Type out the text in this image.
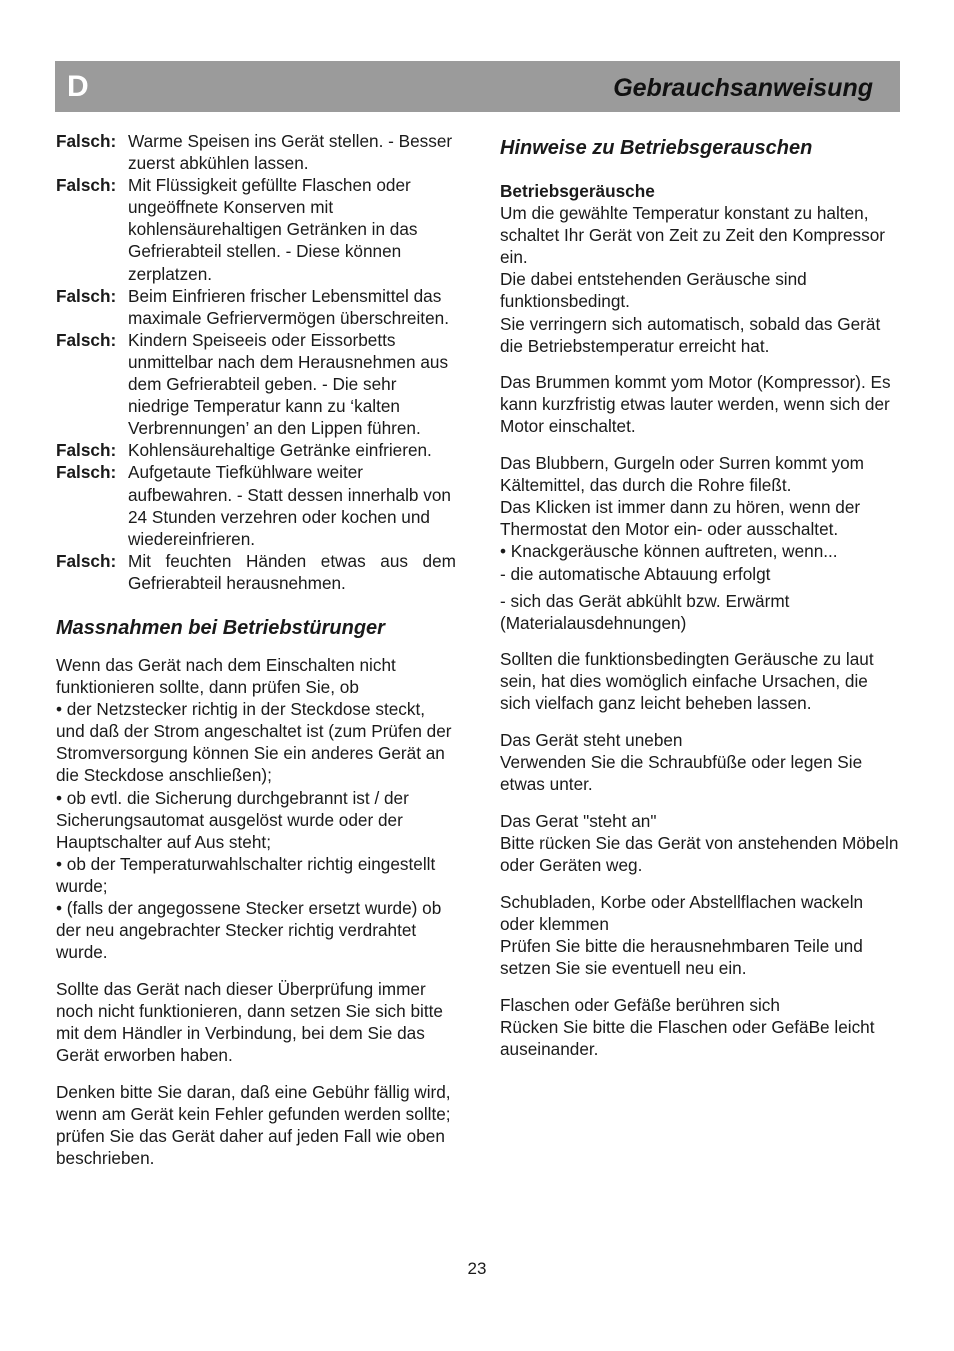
D	Gebrauchsanweisung
Falsch: Warme Speisen ins Gerät stellen. - Besser zuerst abkühlen lassen.
Falsch: Mit Flüssigkeit gefüllte Flaschen oder ungeöffnete Konserven mit kohlensäurehaltigen Getränken in das Gefrierabteil stellen. - Diese können zerplatzen.
Falsch: Beim Einfrieren frischer Lebensmittel das maximale Gefriervermögen überschreiten.
Falsch: Kindern Speiseeis oder Eissorbetts unmittelbar nach dem Herausnehmen aus dem Gefrierabteil geben. - Die sehr niedrige Temperatur kann zu ‘kalten Verbrennungen’ an den Lippen führen.
Falsch: Kohlensäurehaltige Getränke einfrieren.
Falsch: Aufgetaute Tiefkühlware weiter aufbewahren. - Statt dessen innerhalb von 24 Stunden verzehren oder kochen und wiedereinfrieren.
Falsch: Mit feuchten Händen etwas aus dem Gefrierabteil herausnehmen.
Massnahmen bei Betriebstürunger

Wenn das Gerät nach dem Einschalten nicht funktionieren sollte, dann prüfen Sie, ob

• der Netzstecker richtig in der Steckdose steckt, und daß der Strom angeschaltet ist (zum Prüfen der Stromversorgung können Sie ein anderes Gerät an die Steckdose anschließen);

• ob evtl. die Sicherung durchgebrannt ist / der Sicherungsautomat ausgelöst wurde oder der Hauptschalter auf Aus steht;

• ob der Temperaturwahlschalter richtig eingestellt wurde;

• (falls der angegossene Stecker ersetzt wurde) ob der neu angebrachter Stecker richtig verdrahtet wurde.

Sollte das Gerät nach dieser Überprüfung immer noch nicht funktionieren, dann setzen Sie sich bitte mit dem Händler in Verbindung, bei dem Sie das Gerät erworben haben.

Denken bitte Sie daran, daß eine Gebühr fällig wird, wenn am Gerät kein Fehler gefunden werden sollte; prüfen Sie das Gerät daher auf jeden Fall wie oben beschrieben.

Hinweise zu Betriebsgerauschen
Betriebsgeräusche

Um die gewählte Temperatur konstant zu halten, schaltet Ihr Gerät von Zeit zu Zeit den Kompressor ein.

Die dabei entstehenden Geräusche sind funktionsbedingt.

Sie verringern sich automatisch, sobald das Gerät die Betriebstemperatur erreicht hat.

Das Brummen kommt yom Motor (Kompressor). Es kann kurzfristig etwas lauter werden, wenn sich der Motor einschaltet.

Das Blubbern, Gurgeln oder Surren kommt yom Kältemittel, das durch die Rohre fileßt.

Das Klicken ist immer dann zu hören, wenn der Thermostat den Motor ein- oder ausschaltet.

• Knackgeräusche können auftreten, wenn...

- die automatische Abtauung erfolgt

- sich das Gerät abkühlt bzw. Erwärmt (Materialausdehnungen)

Sollten die funktionsbedingten Geräusche zu laut sein, hat dies womöglich einfache Ursachen, die sich vielfach ganz leicht beheben lassen.

Das Gerät steht uneben

Verwenden Sie die Schraubfüße oder legen Sie etwas unter.

Das Gerat "steht an"

Bitte rücken Sie das Gerät von anstehenden Möbeln oder Geräten weg.

Schubladen, Korbe oder Abstellflachen wackeln oder klemmen

Prüfen Sie bitte die herausnehmbaren Teile und setzen Sie sie eventuell neu ein.

Flaschen oder Gefäße berühren sich

Rücken Sie bitte die Flaschen oder GefäBe leicht auseinander.

23
